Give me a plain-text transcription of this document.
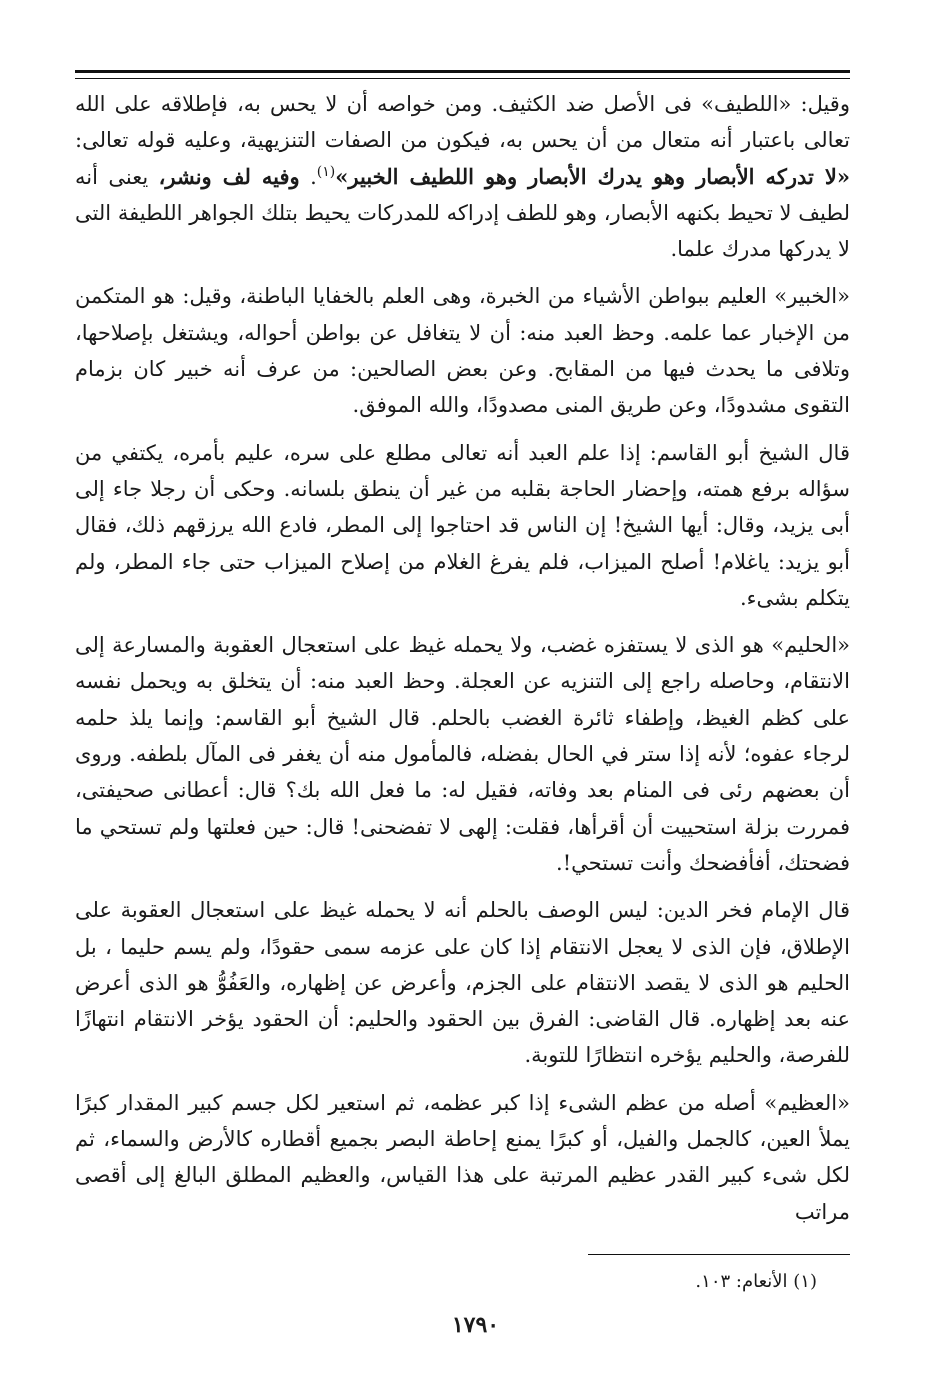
وقيل: «اللطيف» فى الأصل ضد الكثيف. ومن خواصه أن لا يحس به، فإطلاقه على الله تعالى باعتبار أنه متعال من أن يحس به، فيكون من الصفات التنزيهية، وعليه قوله تعالى: «لا تدركه الأبصار وهو يدرك الأبصار وهو اللطيف الخبير»$^{(١)}$. وفيه لف ونشر، يعنى أنه لطيف لا تحيط بكنهه الأبصار، وهو للطف إدراكه للمدركات يحيط بتلك الجواهر اللطيفة التى لا يدركها مدرك علما.

«الخبير» العليم ببواطن الأشياء من الخبرة، وهى العلم بالخفايا الباطنة، وقيل: هو المتكمن من الإخبار عما علمه. وحظ العبد منه: أن لا يتغافل عن بواطن أحواله، ويشتغل بإصلاحها، وتلافى ما يحدث فيها من المقابح. وعن بعض الصالحين: من عرف أنه خبير كان بزمام التقوى مشدودًا، وعن طريق المنى مصدودًا، والله الموفق.

قال الشيخ أبو القاسم: إذا علم العبد أنه تعالى مطلع على سره، عليم بأمره، يكتفي من سؤاله برفع همته، وإحضار الحاجة بقلبه من غير أن ينطق بلسانه. وحكى أن رجلا جاء إلى أبى يزيد، وقال: أيها الشيخ! إن الناس قد احتاجوا إلى المطر، فادع الله يرزقهم ذلك، فقال أبو يزيد: ياغلام! أصلح الميزاب، فلم يفرغ الغلام من إصلاح الميزاب حتى جاء المطر، ولم يتكلم بشىء.

«الحليم» هو الذى لا يستفزه غضب، ولا يحمله غيظ على استعجال العقوبة والمسارعة إلى الانتقام، وحاصله راجع إلى التنزيه عن العجلة. وحظ العبد منه: أن يتخلق به ويحمل نفسه على كظم الغيظ، وإطفاء ثائرة الغضب بالحلم. قال الشيخ أبو القاسم: وإنما يلذ حلمه لرجاء عفوه؛ لأنه إذا ستر في الحال بفضله، فالمأمول منه أن يغفر فى المآل بلطفه. وروى أن بعضهم رئى فى المنام بعد وفاته، فقيل له: ما فعل الله بك؟ قال: أعطانى صحيفتى، فمررت بزلة استحييت أن أقرأها، فقلت: إلهى لا تفضحنى! قال: حين فعلتها ولم تستحي ما فضحتك، أفأفضحك وأنت تستحي!.

قال الإمام فخر الدين: ليس الوصف بالحلم أنه لا يحمله غيظ على استعجال العقوبة على الإطلاق، فإن الذى لا يعجل الانتقام إذا كان على عزمه سمى حقودًا، ولم يسم حليما ، بل الحليم هو الذى لا يقصد الانتقام على الجزم، وأعرض عن إظهاره، والعَفُوُّ هو الذى أعرض عنه بعد إظهاره. قال القاضى: الفرق بين الحقود والحليم: أن الحقود يؤخر الانتقام انتهازًا للفرصة، والحليم يؤخره انتظارًا للتوبة.

«العظيم» أصله من عظم الشىء إذا كبر عظمه، ثم استعير لكل جسم كبير المقدار كبرًا يملأ العين، كالجمل والفيل، أو كبرًا يمنع إحاطة البصر بجميع أقطاره كالأرض والسماء، ثم لكل شىء كبير القدر عظيم المرتبة على هذا القياس، والعظيم المطلق البالغ إلى أقصى مراتب

(١) الأنعام: ١٠٣.
١٧٩٠
